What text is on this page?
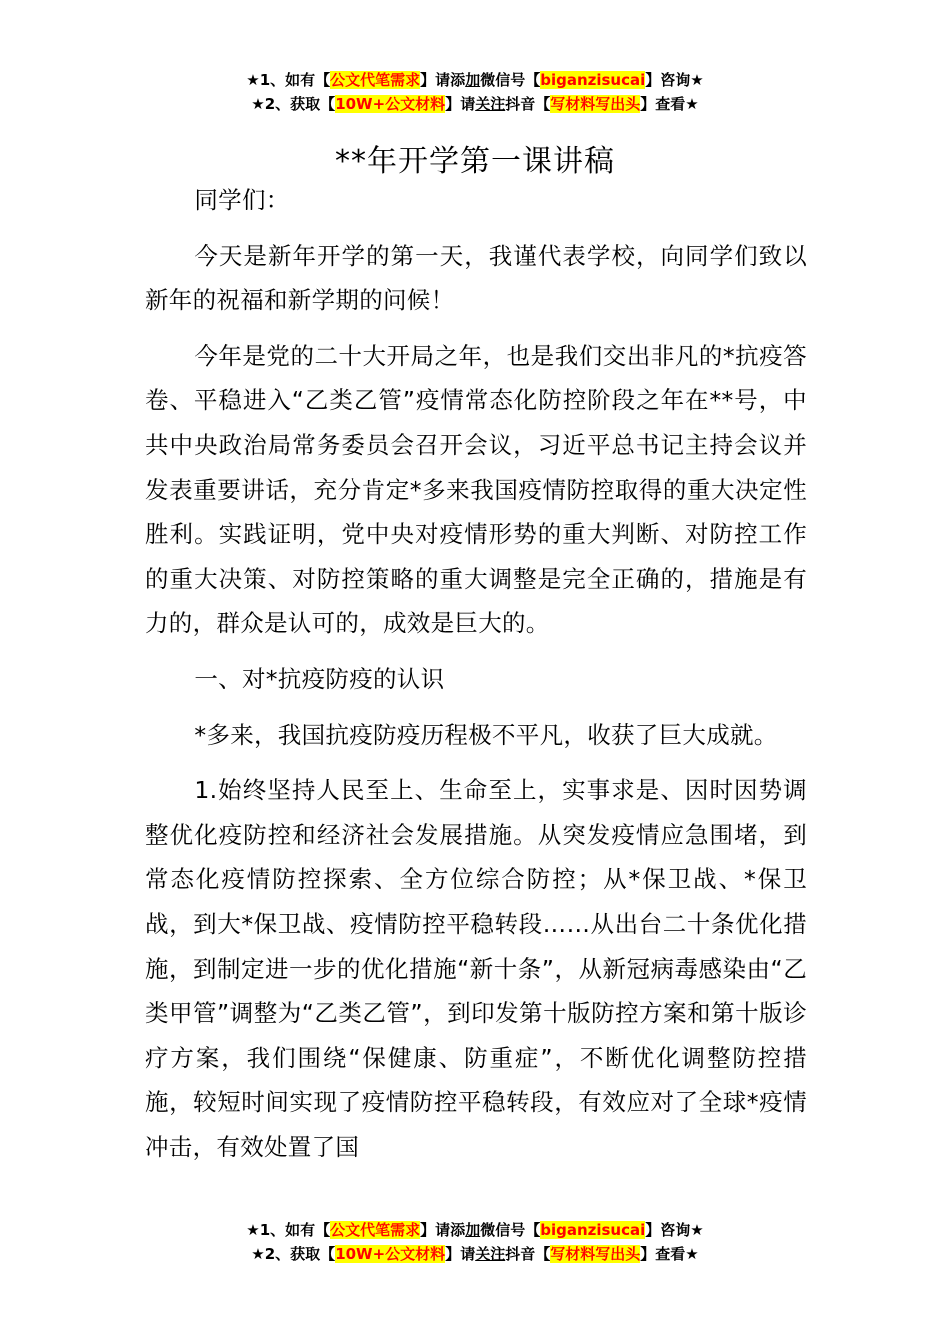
★1、如有【公文代笔需求】请添加微信号【biganzisucai】咨询★
★2、获取【10W+公文材料】请关注抖音【写材料写出头】查看★
**年开学第一课讲稿

同学们：

今天是新年开学的第一天，我谨代表学校，向同学们致以新年的祝福和新学期的问候！

今年是党的二十大开局之年，也是我们交出非凡的*抗疫答卷、平稳进入“乙类乙管”疫情常态化防控阶段之年在**号，中共中央政治局常务委员会召开会议，习近平总书记主持会议并发表重要讲话，充分肯定*多来我国疫情防控取得的重大决定性胜利。实践证明，党中央对疫情形势的重大判断、对防控工作的重大决策、对防控策略的重大调整是完全正确的，措施是有力的，群众是认可的，成效是巨大的。

一、对*抗疫防疫的认识

*多来，我国抗疫防疫历程极不平凡，收获了巨大成就。

1.始终坚持人民至上、生命至上，实事求是、因时因势调整优化疫防控和经济社会发展措施。从突发疫情应急围堵，到常态化疫情防控探索、全方位综合防控；从*保卫战、*保卫战，到大*保卫战、疫情防控平稳转段……从出台二十条优化措施，到制定进一步的优化措施“新十条”，从新冠病毒感染由“乙类甲管”调整为“乙类乙管”，到印发第十版防控方案和第十版诊疗方案，我们围绕“保健康、防重症”，不断优化调整防控措施，较短时间实现了疫情防控平稳转段，有效应对了全球*疫情冲击，有效处置了国

★1、如有【公文代笔需求】请添加微信号【biganzisucai】咨询★
★2、获取【10W+公文材料】请关注抖音【写材料写出头】查看★
